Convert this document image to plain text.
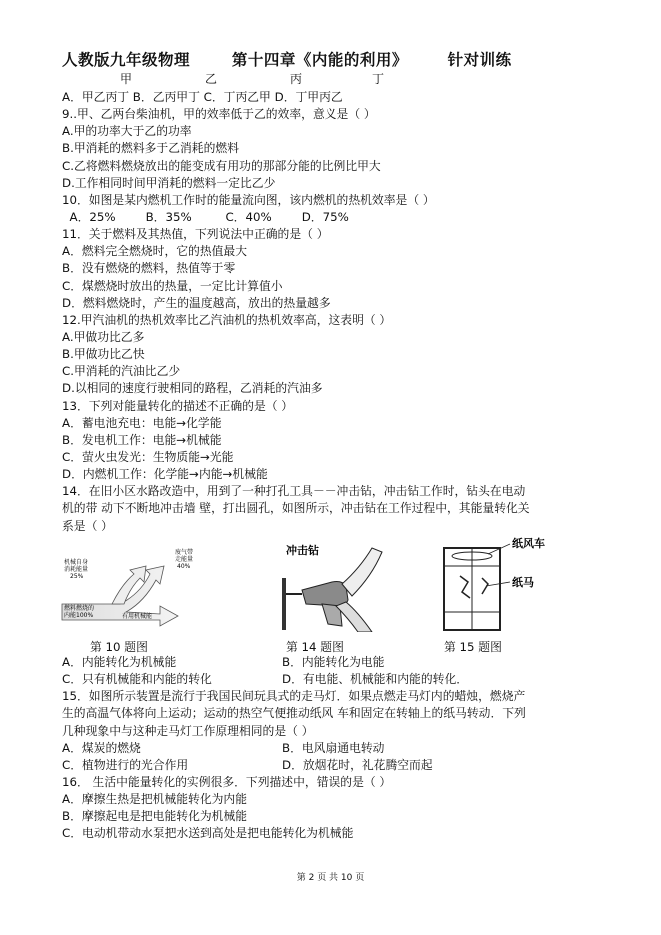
人教版九年级物理	第十四章《内能的利用》	针对训练
甲	乙	丙	丁
A．甲乙丙丁 B．乙丙甲丁 C．丁丙乙甲 D．丁甲丙乙
9..甲、乙两台柴油机，甲的效率低于乙的效率，意义是（ ）
A.甲的功率大于乙的功率
B.甲消耗的燃料多于乙消耗的燃料
C.乙将燃料燃烧放出的能变成有用功的那部分能的比例比甲大
D.工作相同时间甲消耗的燃料一定比乙少
10．如图是某内燃机工作时的能量流向图，该内燃机的热机效率是（ ）
A．25%        B．35%         C．40%        D．75%
11．关于燃料及其热值，下列说法中正确的是（ ）
A．燃料完全燃烧时，它的热值最大
B．没有燃烧的燃料，热值等于零
C．煤燃烧时放出的热量，一定比计算值小
D．燃料燃烧时，产生的温度越高，放出的热量越多
12.甲汽油机的热机效率比乙汽油机的热机效率高，这表明（ ）
A.甲做功比乙多
B.甲做功比乙快
C.甲消耗的汽油比乙少
D.以相同的速度行驶相同的路程，乙消耗的汽油多
13．下列对能量转化的描述不正确的是（ ）
A．蓄电池充电：电能→化学能
B．发电机工作：电能→机械能
C．萤火虫发光：生物质能→光能
D．内燃机工作：化学能→内能→机械能
14．在旧小区水路改造中，用到了一种打孔工具－－冲击钻，冲击钻工作时，钻头在电动
机的带 动下不断地冲击墙 壁，打出圆孔，如图所示，冲击钻在工作过程中，其能量转化关
系是（ ）
机械自身消耗能量 25%
废气带走能量 40%
燃料燃烧的内能100%	有用机械能
第 10 题图
冲击钻
第 14 题图
纸风车
纸马
第 15 题图
A．内能转化为机械能	B．内能转化为电能
C．只有机械能和内能的转化	D．有电能、机械能和内能的转化．
15．如图所示装置是流行于我国民间玩具式的走马灯．如果点燃走马灯内的蜡烛，燃烧产
生的高温气体将向上运动；运动的热空气便推动纸风 车和固定在转轴上的纸马转动．下列
几种现象中与这种走马灯工作原理相同的是（ ）
A．煤炭的燃烧	B．电风扇通电转动
C．植物进行的光合作用	D．放烟花时，礼花腾空而起
16． 生活中能量转化的实例很多．下列描述中，错误的是（ ）
A．摩擦生热是把机械能转化为内能
B．摩擦起电是把电能转化为机械能
C．电动机带动水泵把水送到高处是把电能转化为机械能
第 2 页 共 10 页
